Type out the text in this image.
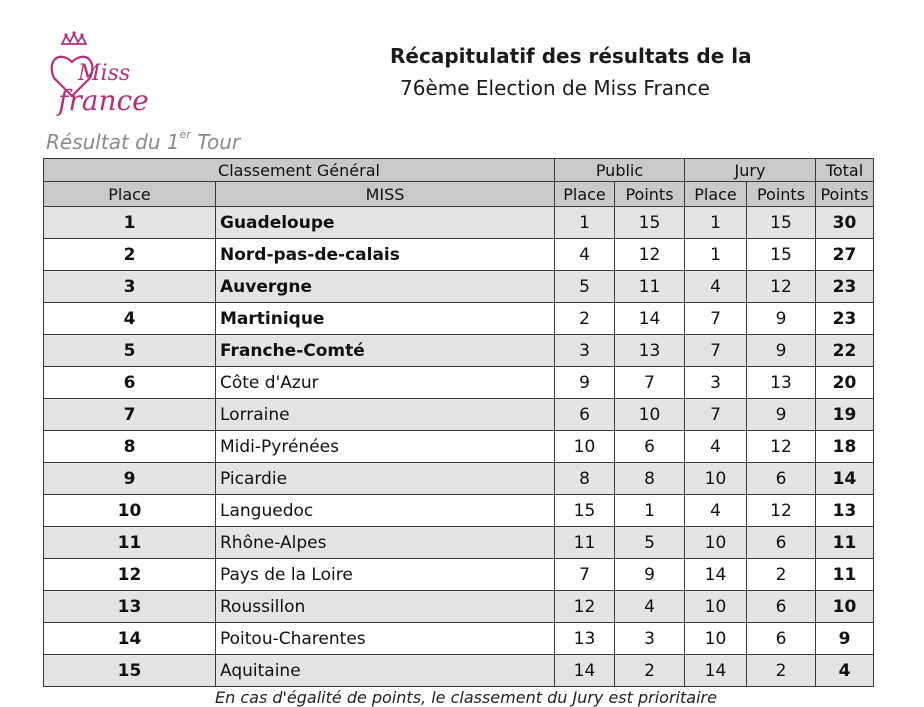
Miss
france
Récapitulatif des résultats de la
76ème Election de Miss France
Résultat du 1er Tour
Classement Général		Public		Jury		Total
Place	MISS	Place	Points	Place	Points	Points
1	Guadeloupe	1	15	1	15	30
2	Nord-pas-de-calais	4	12	1	15	27
3	Auvergne	5	11	4	12	23
4	Martinique	2	14	7	9	23
5	Franche-Comté	3	13	7	9	22
6	Côte d'Azur	9	7	3	13	20
7	Lorraine	6	10	7	9	19
8	Midi-Pyrénées	10	6	4	12	18
9	Picardie	8	8	10	6	14
10	Languedoc	15	1	4	12	13
11	Rhône-Alpes	11	5	10	6	11
12	Pays de la Loire	7	9	14	2	11
13	Roussillon	12	4	10	6	10
14	Poitou-Charentes	13	3	10	6	9
15	Aquitaine	14	2	14	2	4
En cas d'égalité de points, le classement du Jury est prioritaire
